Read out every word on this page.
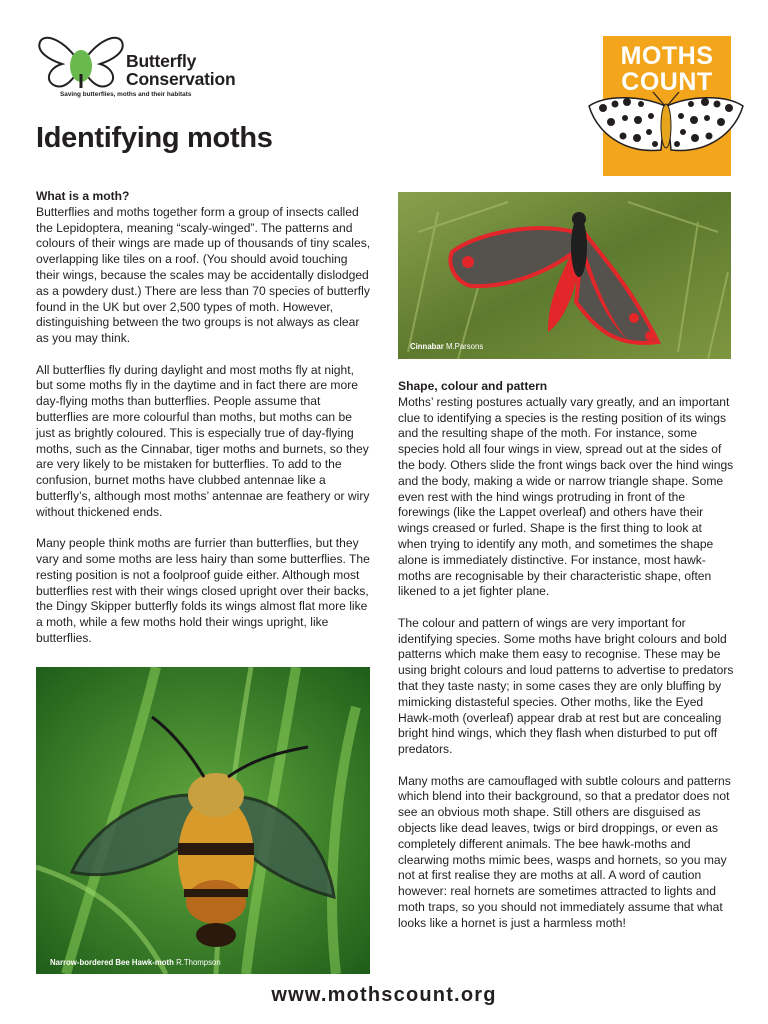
Butterfly
Conservation
Saving butterflies, moths and their habitats
MOTHS
COUNT
Identifying moths

What is a moth?

Butterflies and moths together form a group of insects called the Lepidoptera, meaning “scaly-winged”. The patterns and colours of their wings are made up of thousands of tiny scales, overlapping like tiles on a roof. (You should avoid touching their wings, because the scales may be accidentally dislodged as a powdery dust.) There are less than 70 species of butterfly found in the UK but over 2,500 types of moth. However, distinguishing between the two groups is not always as clear as you may think.

All butterflies fly during daylight and most moths fly at night, but some moths fly in the daytime and in fact there are more day-flying moths than butterflies. People assume that butterflies are more colourful than moths, but moths can be just as brightly coloured. This is especially true of day-flying moths, such as the Cinnabar, tiger moths and burnets, so they are very likely to be mistaken for butterflies. To add to the confusion, burnet moths have clubbed antennae like a butterfly’s, although most moths’ antennae are feathery or wiry without thickened ends.

Many people think moths are furrier than butterflies, but they vary and some moths are less hairy than some butterflies. The resting position is not a foolproof guide either. Although most butterflies rest with their wings closed upright over their backs, the Dingy Skipper butterfly folds its wings almost flat more like a moth, while a few moths hold their wings upright, like butterflies.

Cinnabar M.Parsons

Shape, colour and pattern

Moths’ resting postures actually vary greatly, and an important clue to identifying a species is the resting position of its wings and the resulting shape of the moth. For instance, some species hold all four wings in view, spread out at the sides of the body. Others slide the front wings back over the hind wings and the body, making a wide or narrow triangle shape. Some even rest with the hind wings protruding in front of the forewings (like the Lappet overleaf) and others have their wings creased or furled. Shape is the first thing to look at when trying to identify any moth, and sometimes the shape alone is immediately distinctive. For instance, most hawk-moths are recognisable by their characteristic shape, often likened to a jet fighter plane.

The colour and pattern of wings are very important for identifying species. Some moths have bright colours and bold patterns which make them easy to recognise. These may be using bright colours and loud patterns to advertise to predators that they taste nasty; in some cases they are only bluffing by mimicking distasteful species. Other moths, like the Eyed Hawk-moth (overleaf) appear drab at rest but are concealing bright hind wings, which they flash when disturbed to put off predators.

Many moths are camouflaged with subtle colours and patterns which blend into their background, so that a predator does not see an obvious moth shape. Still others are disguised as objects like dead leaves, twigs or bird droppings, or even as completely different animals. The bee hawk-moths and clearwing moths mimic bees, wasps and hornets, so you may not at first realise they are moths at all. A word of caution however: real hornets are sometimes attracted to lights and moth traps, so you should not immediately assume that what looks like a hornet is just a harmless moth!

Narrow-bordered Bee Hawk-moth R.Thompson
www.mothscount.org
